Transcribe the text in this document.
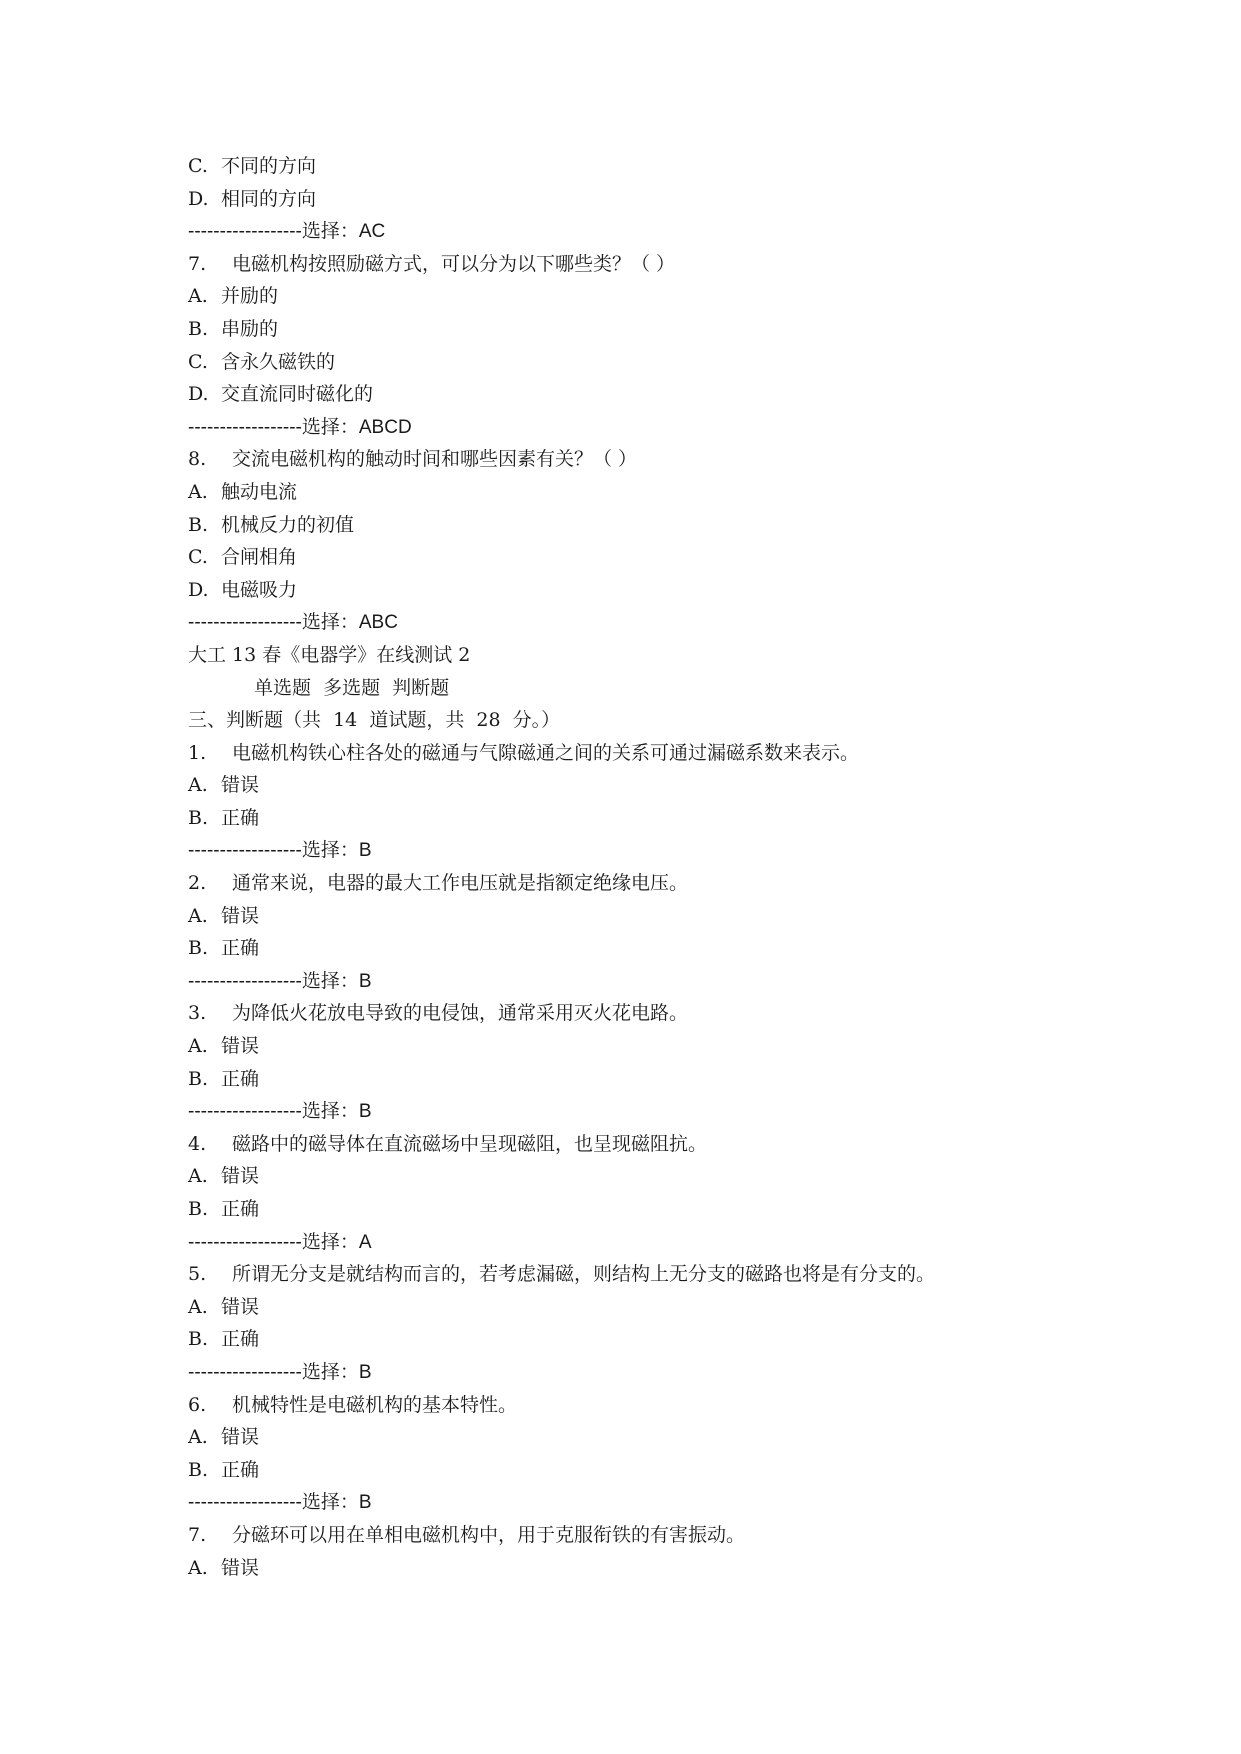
C. 不同的方向
D. 相同的方向
------------------选择：AC
7. 电磁机构按照励磁方式，可以分为以下哪些类？（ ）
A. 并励的
B. 串励的
C. 含永久磁铁的
D. 交直流同时磁化的
------------------选择：ABCD
8. 交流电磁机构的触动时间和哪些因素有关？（ ）
A. 触动电流
B. 机械反力的初值
C. 合闸相角
D. 电磁吸力
------------------选择：ABC
大工 13 春《电器学》在线测试 2
单选题  多选题  判断题
三、判断题（共  14  道试题，共  28  分。）
1. 电磁机构铁心柱各处的磁通与气隙磁通之间的关系可通过漏磁系数来表示。
A. 错误
B. 正确
------------------选择：B
2. 通常来说，电器的最大工作电压就是指额定绝缘电压。
A. 错误
B. 正确
------------------选择：B
3. 为降低火花放电导致的电侵蚀，通常采用灭火花电路。
A. 错误
B. 正确
------------------选择：B
4. 磁路中的磁导体在直流磁场中呈现磁阻，也呈现磁阻抗。
A. 错误
B. 正确
------------------选择：A
5. 所谓无分支是就结构而言的，若考虑漏磁，则结构上无分支的磁路也将是有分支的。
A. 错误
B. 正确
------------------选择：B
6. 机械特性是电磁机构的基本特性。
A. 错误
B. 正确
------------------选择：B
7. 分磁环可以用在单相电磁机构中，用于克服衔铁的有害振动。
A. 错误
